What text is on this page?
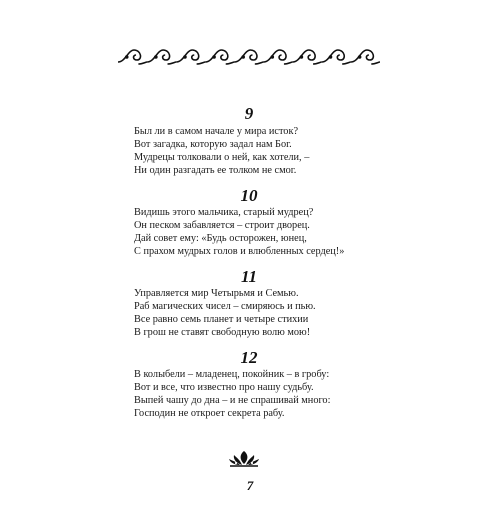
9
Был ли в самом начале у мира исток?
Вот загадка, которую задал нам Бог.
Мудрецы толковали о ней, как хотели, –
Ни один разгадать ее толком не смог.
10
Видишь этого мальчика, старый мудрец?
Он песком забавляется – строит дворец.
Дай совет ему: «Будь осторожен, юнец,
С прахом мудрых голов и влюбленных сердец!»
11
Управляется мир Четырьмя и Семью.
Раб магических чисел – смиряюсь и пью.
Все равно семь планет и четыре стихии
В грош не ставят свободную волю мою!
12
В колыбели – младенец, покойник – в гробу:
Вот и все, что известно про нашу судьбу.
Выпей чашу до дна – и не спрашивай много:
Господин не откроет секрета рабу.
7
